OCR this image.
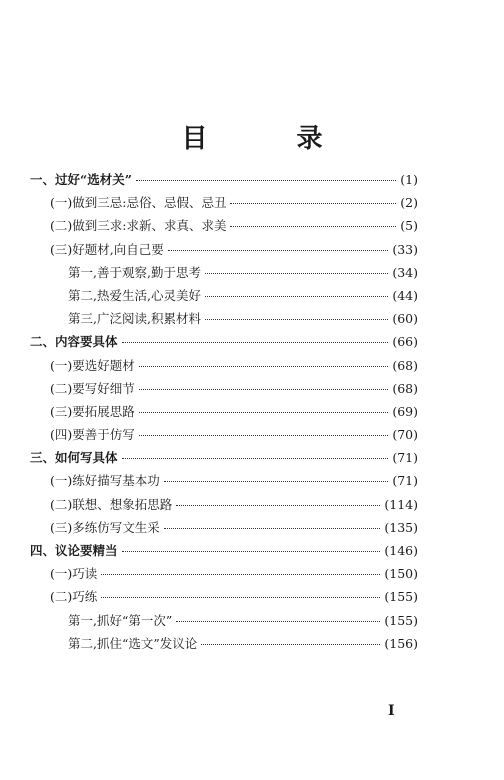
目 录
一、过好“选材关”	(1)
(一)做到三忌:忌俗、忌假、忌丑	(2)
(二)做到三求:求新、求真、求美	(5)
(三)好题材,向自己要	(33)
第一,善于观察,勤于思考	(34)
第二,热爱生活,心灵美好	(44)
第三,广泛阅读,积累材料	(60)
二、内容要具体	(66)
(一)要选好题材	(68)
(二)要写好细节	(68)
(三)要拓展思路	(69)
(四)要善于仿写	(70)
三、如何写具体	(71)
(一)练好描写基本功	(71)
(二)联想、想象拓思路	(114)
(三)多练仿写文生采	(135)
四、议论要精当	(146)
(一)巧读	(150)
(二)巧练	(155)
第一,抓好“第一次”	(155)
第二,抓住“选文”发议论	(156)
I
